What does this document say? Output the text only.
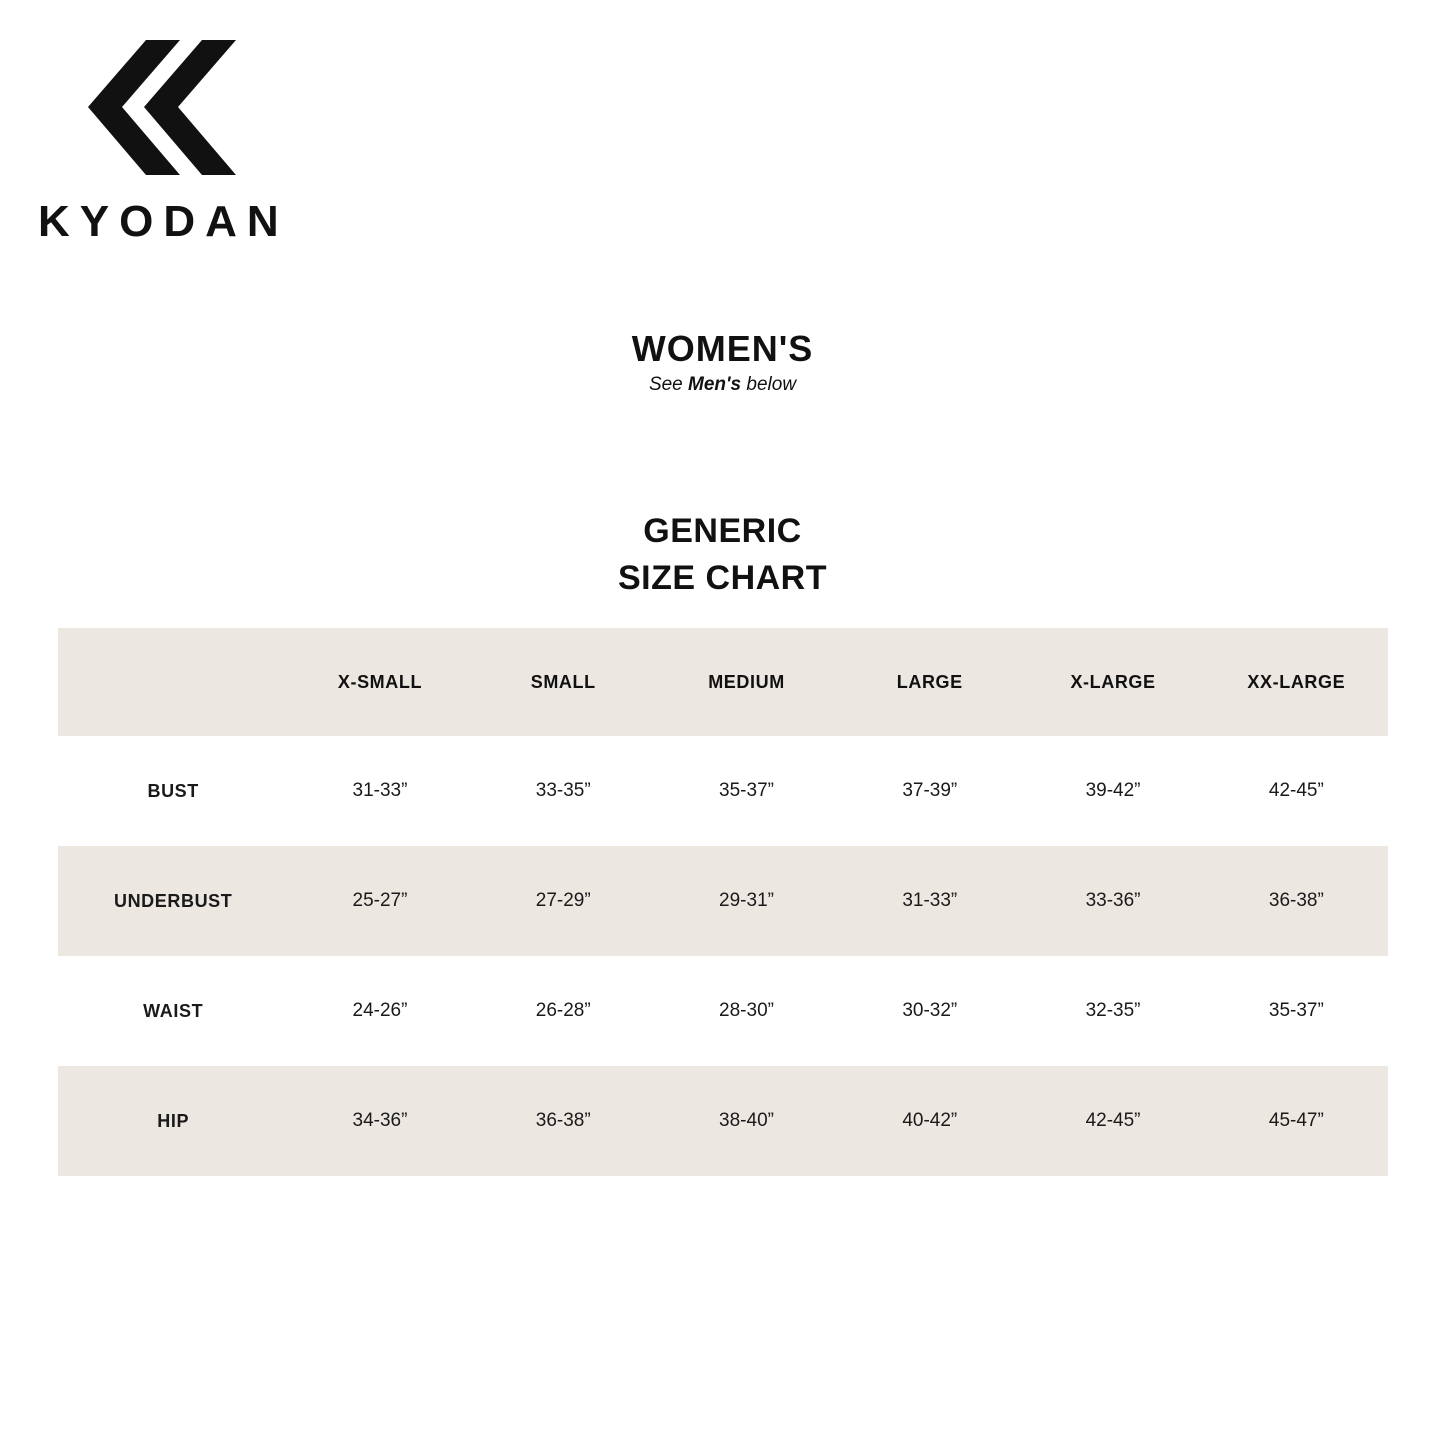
KYODAN
WOMEN'S
See Men's below
GENERIC
SIZE CHART
	X-SMALL	SMALL	MEDIUM	LARGE	X-LARGE	XX-LARGE
BUST	31-33”	33-35”	35-37”	37-39”	39-42”	42-45”
UNDERBUST	25-27”	27-29”	29-31”	31-33”	33-36”	36-38”
WAIST	24-26”	26-28”	28-30”	30-32”	32-35”	35-37”
HIP	34-36”	36-38”	38-40”	40-42”	42-45”	45-47”
